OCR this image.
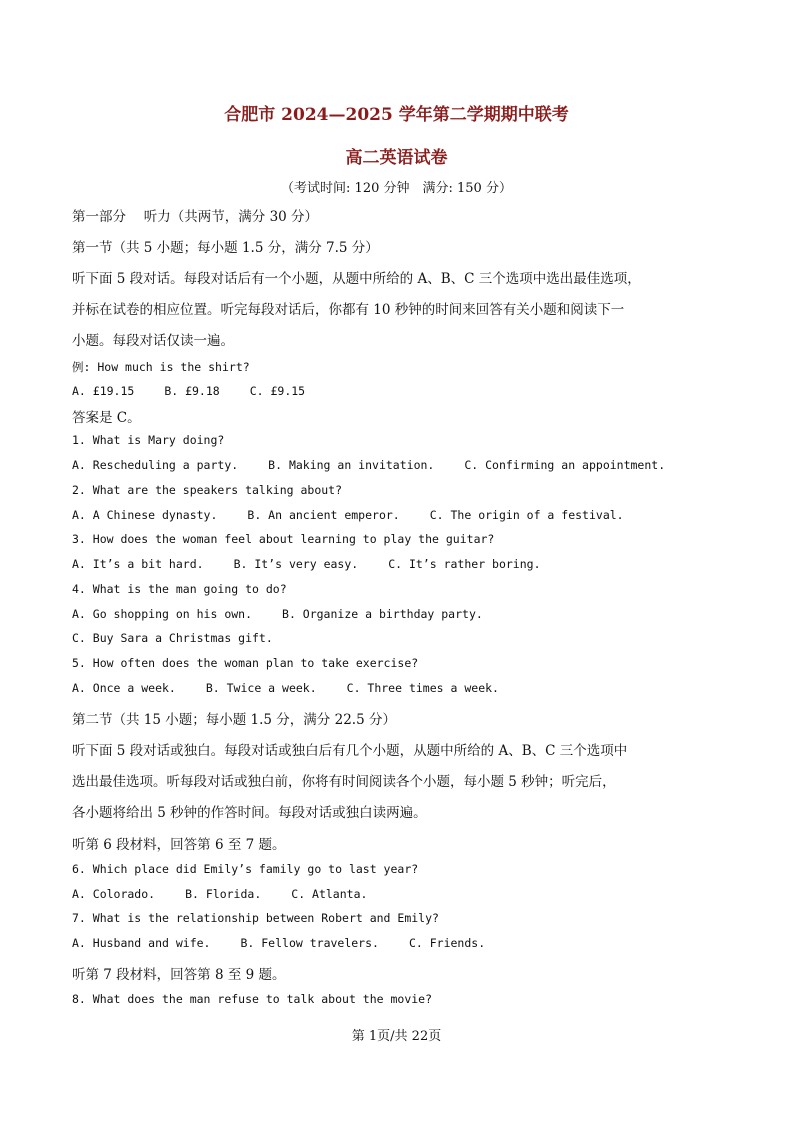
合肥市 2024—2025 学年第二学期期中联考
高二英语试卷
（考试时间: 120 分钟　满分: 150 分）
第一部分　 听力（共两节，满分 30 分）
第一节（共 5 小题；每小题 1.5 分，满分 7.5 分）
听下面 5 段对话。每段对话后有一个小题，从题中所给的 A、B、C 三个选项中选出最佳选项，
并标在试卷的相应位置。听完每段对话后，你都有 10 秒钟的时间来回答有关小题和阅读下一
小题。每段对话仅读一遍。
例: How much is the shirt?
A. £19.15	B. £9.18	C. £9.15
答案是 C。
1. What is Mary doing?
A. Rescheduling a party.	B. Making an invitation.	C. Confirming an appointment.
2. What are the speakers talking about?
A. A Chinese dynasty.	B. An ancient emperor.	C. The origin of a festival.
3. How does the woman feel about learning to play the guitar?
A. It’s a bit hard.	B. It’s very easy.	C. It’s rather boring.
4. What is the man going to do?
A. Go shopping on his own.	B. Organize a birthday party.
C. Buy Sara a Christmas gift.
5. How often does the woman plan to take exercise?
A. Once a week.	B. Twice a week.	C. Three times a week.
第二节（共 15 小题；每小题 1.5 分，满分 22.5 分）
听下面 5 段对话或独白。每段对话或独白后有几个小题，从题中所给的 A、B、C 三个选项中
选出最佳选项。听每段对话或独白前，你将有时间阅读各个小题，每小题 5 秒钟；听完后，
各小题将给出 5 秒钟的作答时间。每段对话或独白读两遍。
听第 6 段材料，回答第 6 至 7 题。
6. Which place did Emily’s family go to last year?
A. Colorado.	B. Florida.	C. Atlanta.
7. What is the relationship between Robert and Emily?
A. Husband and wife.	B. Fellow travelers.	C. Friends.
听第 7 段材料，回答第 8 至 9 题。
8. What does the man refuse to talk about the movie?
第 1页/共 22页
